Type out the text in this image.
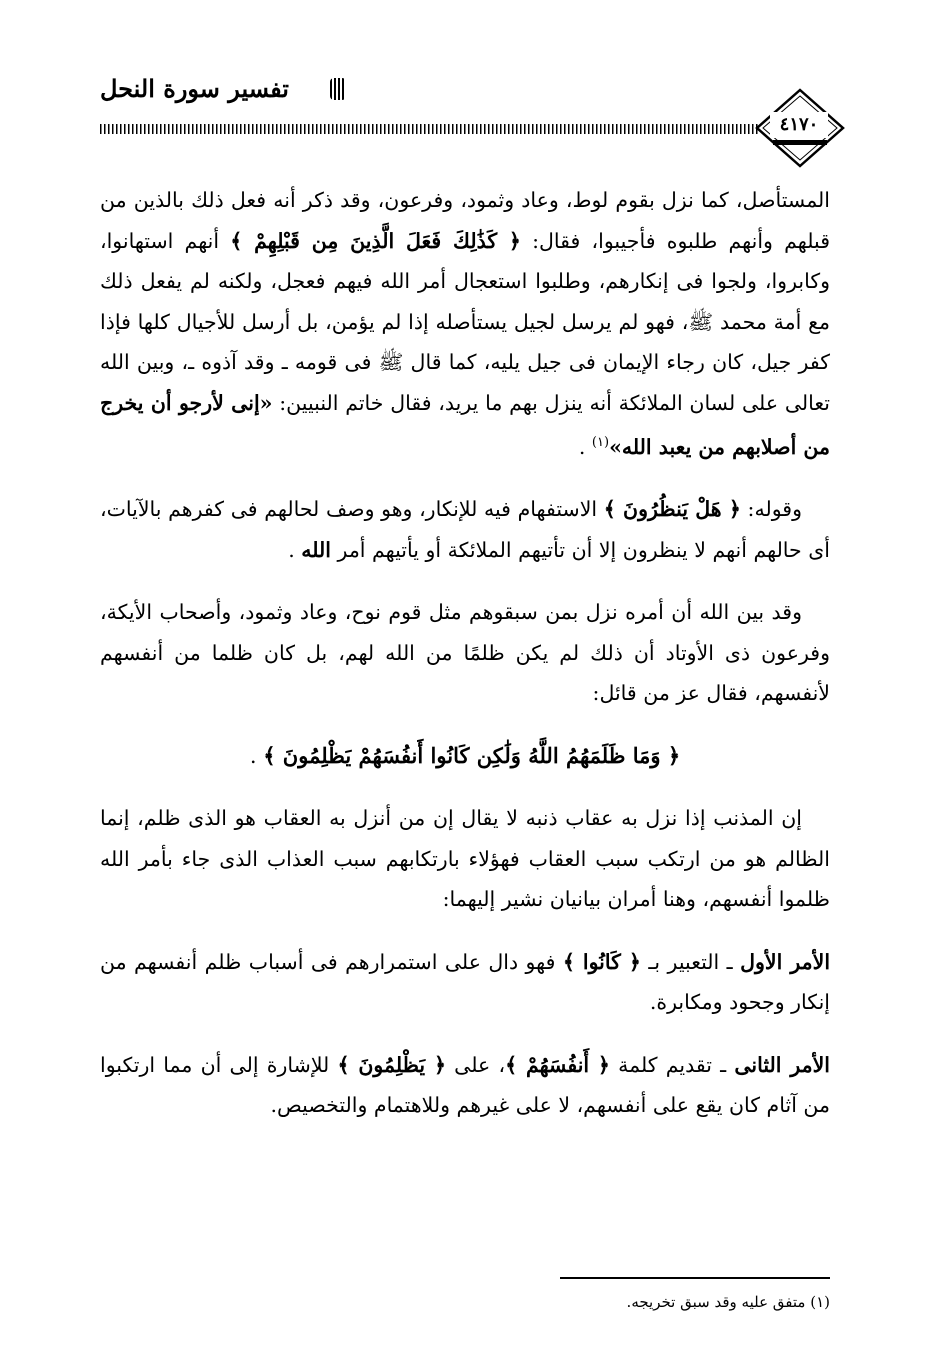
تفسير سورة النحل
٤١٧٠

المستأصل، كما نزل بقوم لوط، وعاد وثمود، وفرعون، وقد ذكر أنه فعل ذلك بالذين من قبلهم وأنهم طلبوه فأجيبوا، فقال: ﴿ كَذَٰلِكَ فَعَلَ الَّذِينَ مِن قَبْلِهِمْ ﴾ أنهم استهانوا، وكابروا، ولجوا فى إنكارهم، وطلبوا استعجال أمر الله فيهم فعجل، ولكنه لم يفعل ذلك مع أمة محمد ﷺ، فهو لم يرسل لجيل يستأصله إذا لم يؤمن، بل أرسل للأجيال كلها فإذا كفر جيل، كان رجاء الإيمان فى جيل يليه، كما قال ﷺ فى قومه ـ وقد آذوه ـ، وبين الله تعالى على لسان الملائكة أنه ينزل بهم ما يريد، فقال خاتم النبيين: «إنى لأرجو أن يخرج من أصلابهم من يعبد الله»$^{(١)}$ .

وقوله: ﴿ هَلْ يَنظُرُونَ ﴾ الاستفهام فيه للإنكار، وهو وصف لحالهم فى كفرهم بالآيات، أى حالهم أنهم لا ينظرون إلا أن تأتيهم الملائكة أو يأتيهم أمر الله .

وقد بين الله أن أمره نزل بمن سبقوهم مثل قوم نوح، وعاد وثمود، وأصحاب الأيكة، وفرعون ذى الأوتاد أن ذلك لم يكن ظلمًا من الله لهم، بل كان ظلما من أنفسهم لأنفسهم، فقال عز من قائل:

﴿ وَمَا ظَلَمَهُمُ اللَّهُ وَلَٰكِن كَانُوا أَنفُسَهُمْ يَظْلِمُونَ ﴾ .

إن المذنب إذا نزل به عقاب ذنبه لا يقال إن من أنزل به العقاب هو الذى ظلم، إنما الظالم هو من ارتكب سبب العقاب فهؤلاء بارتكابهم سبب العذاب الذى جاء بأمر الله ظلموا أنفسهم، وهنا أمران بيانيان نشير إليهما:

الأمر الأول ـ التعبير بـ ﴿ كَانُوا ﴾ فهو دال على استمرارهم فى أسباب ظلم أنفسهم من إنكار وجحود ومكابرة.

الأمر الثانى ـ تقديم كلمة ﴿ أَنفُسَهُمْ ﴾، على ﴿ يَظْلِمُونَ ﴾ للإشارة إلى أن مما ارتكبوا من آثام كان يقع على أنفسهم، لا على غيرهم وللاهتمام والتخصيص.

(١) متفق عليه وقد سبق تخريجه.
